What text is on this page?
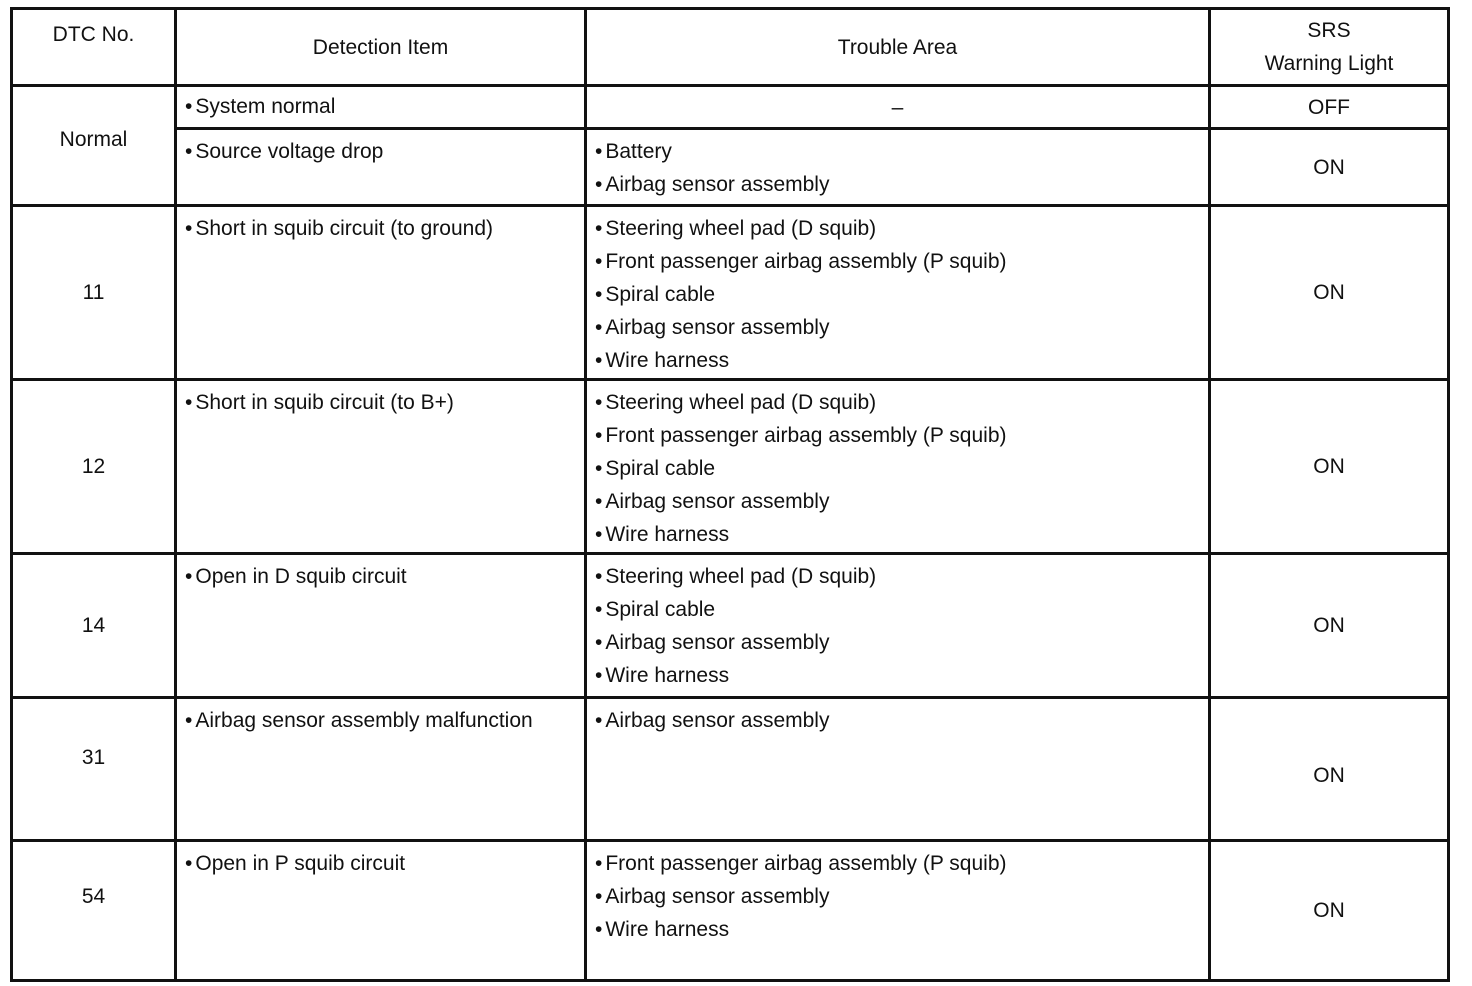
DTC No.	Detection Item	Trouble Area	SRS
Warning Light

Normal	• System normal	–	OFF

	• Source voltage drop	• Battery
• Airbag sensor assembly	ON
11	• Short in squib circuit (to ground)	• Steering wheel pad (D squib)
• Front passenger airbag assembly (P squib)
• Spiral cable
• Airbag sensor assembly
• Wire harness	ON
12	• Short in squib circuit (to B+)	• Steering wheel pad (D squib)
• Front passenger airbag assembly (P squib)
• Spiral cable
• Airbag sensor assembly
• Wire harness	ON
14	• Open in D squib circuit	• Steering wheel pad (D squib)
• Spiral cable
• Airbag sensor assembly
• Wire harness	ON
31	• Airbag sensor assembly malfunction	• Airbag sensor assembly	ON
54	• Open in P squib circuit	• Front passenger airbag assembly (P squib)
• Airbag sensor assembly
• Wire harness	ON
